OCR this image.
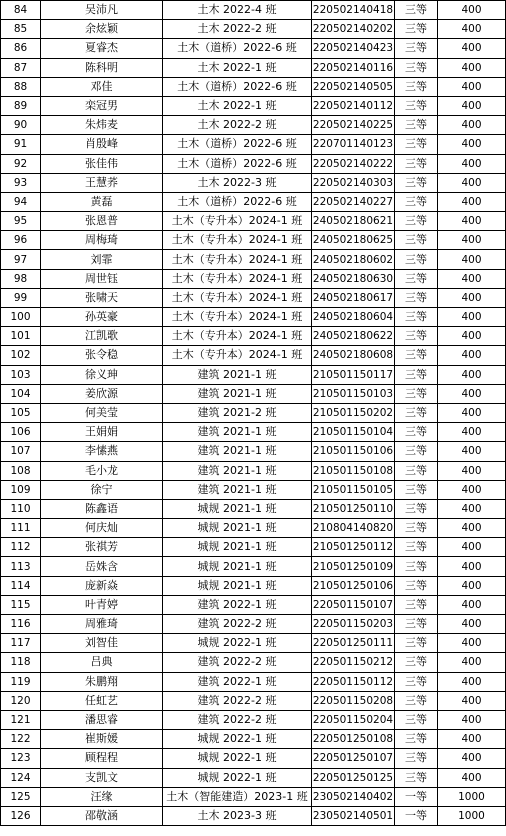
84	吴沛凡	土木 2022-4 班	220502140418	三等	400
85	余炫颖	土木 2022-2 班	220502140202	三等	400
86	夏睿杰	土木（道桥）2022-6 班	220502140423	三等	400
87	陈科明	土木 2022-1 班	220502140116	三等	400
88	邓佳	土木（道桥）2022-6 班	220502140505	三等	400
89	栾冠男	土木 2022-1 班	220502140112	三等	400
90	朱炜麦	土木 2022-2 班	220502140225	三等	400
91	肖殷峰	土木（道桥）2022-6 班	220701140123	三等	400
92	张佳伟	土木（道桥）2022-6 班	220502140222	三等	400
93	王慧荞	土木 2022-3 班	220502140303	三等	400
94	黄磊	土木（道桥）2022-6 班	220502140227	三等	400
95	张恩普	土木（专升本）2024-1 班	240502180621	三等	400
96	周梅琦	土木（专升本）2024-1 班	240502180625	三等	400
97	刘霏	土木（专升本）2024-1 班	240502180602	三等	400
98	周世钰	土木（专升本）2024-1 班	240502180630	三等	400
99	张啸天	土木（专升本）2024-1 班	240502180617	三等	400
100	孙英豪	土木（专升本）2024-1 班	240502180604	三等	400
101	江凯歌	土木（专升本）2024-1 班	240502180622	三等	400
102	张令稳	土木（专升本）2024-1 班	240502180608	三等	400
103	徐义珅	建筑 2021-1 班	210501150117	三等	400
104	姜欣源	建筑 2021-1 班	210501150103	三等	400
105	何美莹	建筑 2021-2 班	210501150202	三等	400
106	王娟娟	建筑 2021-1 班	210501150104	三等	400
107	李愫燕	建筑 2021-1 班	210501150106	三等	400
108	毛小龙	建筑 2021-1 班	210501150108	三等	400
109	徐宁	建筑 2021-1 班	210501150105	三等	400
110	陈鑫语	城规 2021-1 班	210501250110	三等	400
111	何庆灿	城规 2021-1 班	210804140820	三等	400
112	张祺芳	城规 2021-1 班	210501250112	三等	400
113	岳姝含	城规 2021-1 班	210501250109	三等	400
114	庞新焱	城规 2021-1 班	210501250106	三等	400
115	叶青婷	建筑 2022-1 班	220501150107	三等	400
116	周雅琦	建筑 2022-2 班	220501150203	三等	400
117	刘智佳	城规 2022-1 班	220501250111	三等	400
118	吕典	建筑 2022-2 班	220501150212	三等	400
119	朱鹏翔	建筑 2022-1 班	220501150112	三等	400
120	任虹艺	建筑 2022-2 班	220501150208	三等	400
121	潘思睿	建筑 2022-2 班	220501150204	三等	400
122	崔斯媛	城规 2022-1 班	220501250108	三等	400
123	顾程程	城规 2022-1 班	220501250107	三等	400
124	支凯文	城规 2022-1 班	220501250125	三等	400
125	汪缘	土木（智能建造）2023-1 班	230502140402	一等	1000
126	邵敬涵	土木 2023-3 班	230502140501	一等	1000
